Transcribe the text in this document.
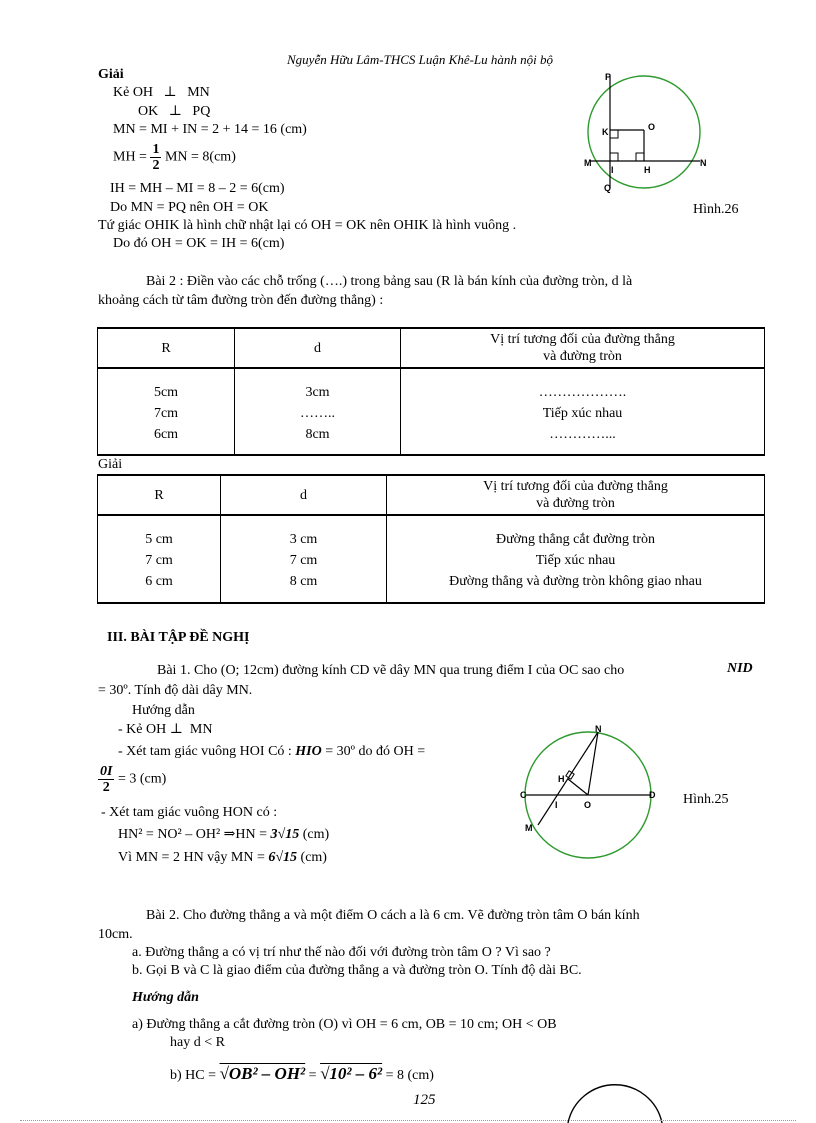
Nguyễn Hữu Lâm-THCS Luận Khê-Lu hành nội bộ
Giải
Kẻ OH ⊥ MN
OK ⊥ PQ
MN = MI + IN = 2 + 14 = 16 (cm)
MH = $\frac{1}{2}$ MN = 8(cm)
IH = MH – MI = 8 – 2 = 6(cm)
Do MN = PQ nên OH = OK
Tứ giác OHIK là hình chữ nhật lại có OH = OK nên OHIK là hình vuông .
Do đó OH = OK = IH = 6(cm)
P
K	O
M
I	H
N
Q
Hình.26
Bài 2 : Điền vào các chỗ trống (….) trong bảng sau (R là bán kính của đường tròn, d là
khoảng cách từ tâm đường tròn đến đường thẳng) :
R	d	Vị trí tương đối của đường thẳng
và đường tròn
5cm	3cm	……………….
7cm	……..	Tiếp xúc nhau
6cm	8cm	…………...
Giải
R	d	Vị trí tương đối của đường thẳng
và đường tròn
5 cm	3 cm	Đường thẳng cắt đường tròn
7 cm	7 cm	Tiếp xúc nhau
6 cm	8 cm	Đường thẳng và đường tròn không giao nhau
III. BÀI TẬP ĐỀ NGHỊ
Bài 1. Cho (O; 12cm) đường kính CD vẽ dây MN qua trung điểm I của OC sao cho	NID
= 30º. Tính độ dài dây MN.
Hướng dẫn
- Kẻ OH ⊥ MN
- Xét tam giác vuông HOI Có : HIO = 30º do đó OH =
$\frac{0I}{2} = 3$ (cm)
- Xét tam giác vuông HON có :
HN² = NO² – OH² ⇒HN = 3√15 (cm)
Vì MN = 2 HN vậy MN = 6√15 (cm)
N
H
C
I	O
D
M
Hình.25
Bài 2. Cho đường thẳng a và một điểm O cách a là 6 cm. Vẽ đường tròn tâm O bán kính
10cm.
a. Đường thẳng a có vị trí như thế nào đối với đường tròn tâm O ? Vì sao ?
b. Gọi B và C là giao điểm của đường thẳng a và đường tròn O. Tính độ dài BC.
Hướng dẫn
a) Đường thẳng a cắt đường tròn (O) vì OH = 6 cm, OB = 10 cm; OH < OB
hay d < R
b) HC = √OB² – OH² = √10² – 6² = 8 (cm)
125
